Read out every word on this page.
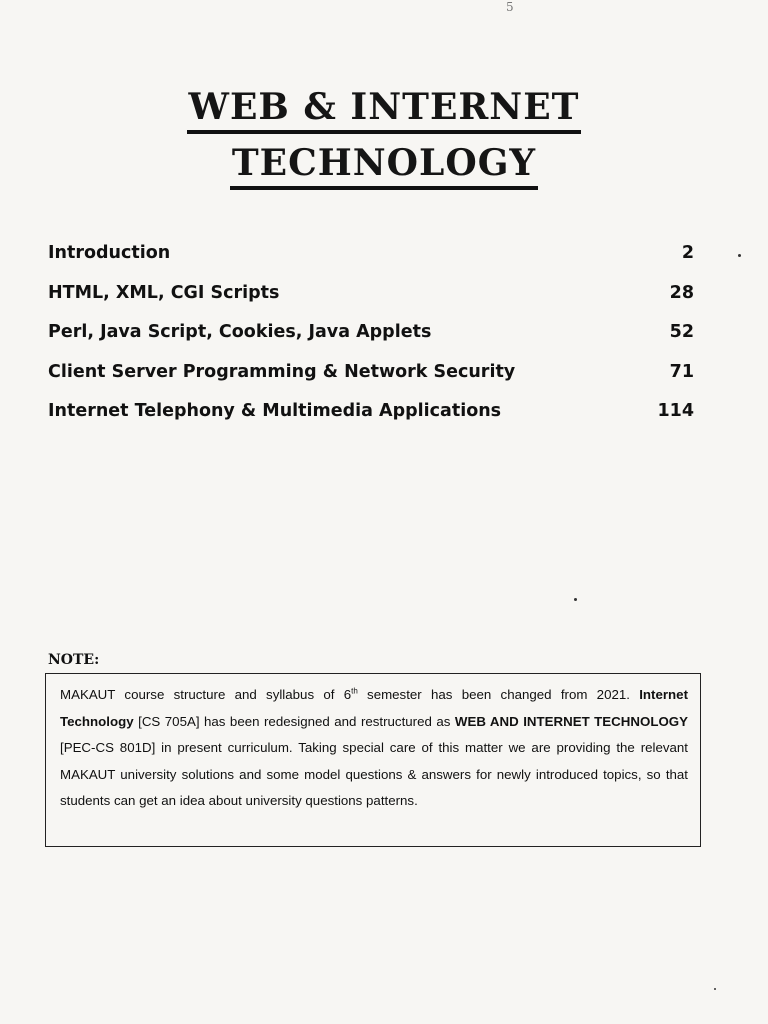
5
WEB & INTERNET
TECHNOLOGY
Introduction	2
HTML, XML, CGI Scripts	28
Perl, Java Script, Cookies, Java Applets	52
Client Server Programming & Network Security	71
Internet Telephony & Multimedia Applications	114
NOTE:
MAKAUT course structure and syllabus of 6th semester has been changed from 2021. Internet Technology [CS 705A] has been redesigned and restructured as WEB AND INTERNET TECHNOLOGY [PEC-CS 801D] in present curriculum. Taking special care of this matter we are providing the relevant MAKAUT university solutions and some model questions & answers for newly introduced topics, so that students can get an idea about university questions patterns.
